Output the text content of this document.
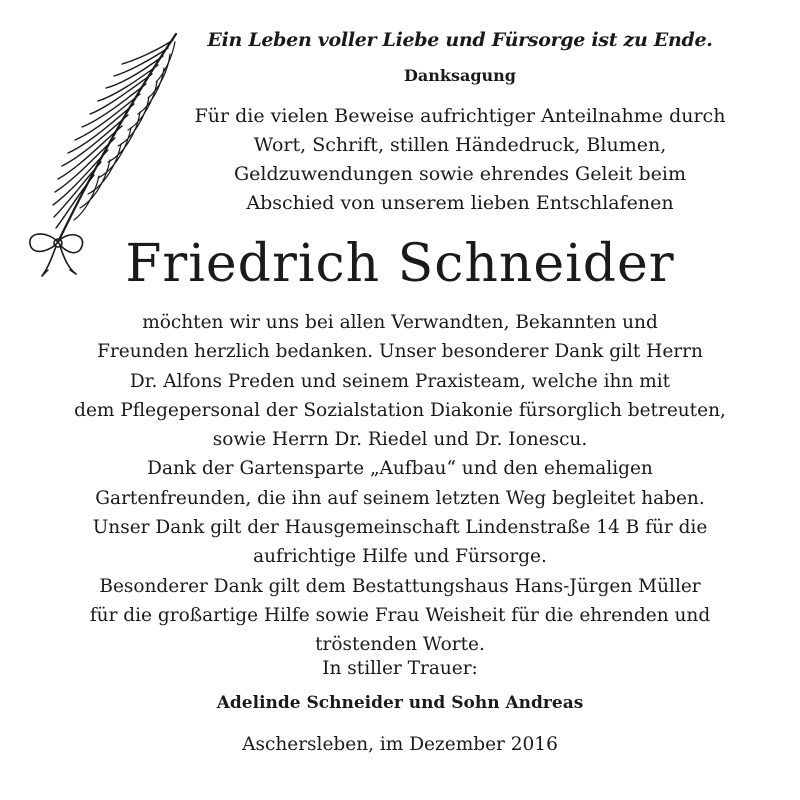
Ein Leben voller Liebe und Fürsorge ist zu Ende.

Danksagung

Für die vielen Beweise aufrichtiger Anteilnahme durch
Wort, Schrift, stillen Händedruck, Blumen,
Geldzuwendungen sowie ehrendes Geleit beim
Abschied von unserem lieben Entschlafenen

Friedrich Schneider

möchten wir uns bei allen Verwandten, Bekannten und
Freunden herzlich bedanken. Unser besonderer Dank gilt Herrn
Dr. Alfons Preden und seinem Praxisteam, welche ihn mit
dem Pflegepersonal der Sozialstation Diakonie fürsorglich betreuten,
sowie Herrn Dr. Riedel und Dr. Ionescu.
Dank der Gartensparte „Aufbau“ und den ehemaligen
Gartenfreunden, die ihn auf seinem letzten Weg begleitet haben.
Unser Dank gilt der Hausgemeinschaft Lindenstraße 14 B für die
aufrichtige Hilfe und Fürsorge.
Besonderer Dank gilt dem Bestattungshaus Hans-Jürgen Müller
für die großartige Hilfe sowie Frau Weisheit für die ehrenden und
tröstenden Worte.

In stiller Trauer:

Adelinde Schneider und Sohn Andreas

Aschersleben, im Dezember 2016
